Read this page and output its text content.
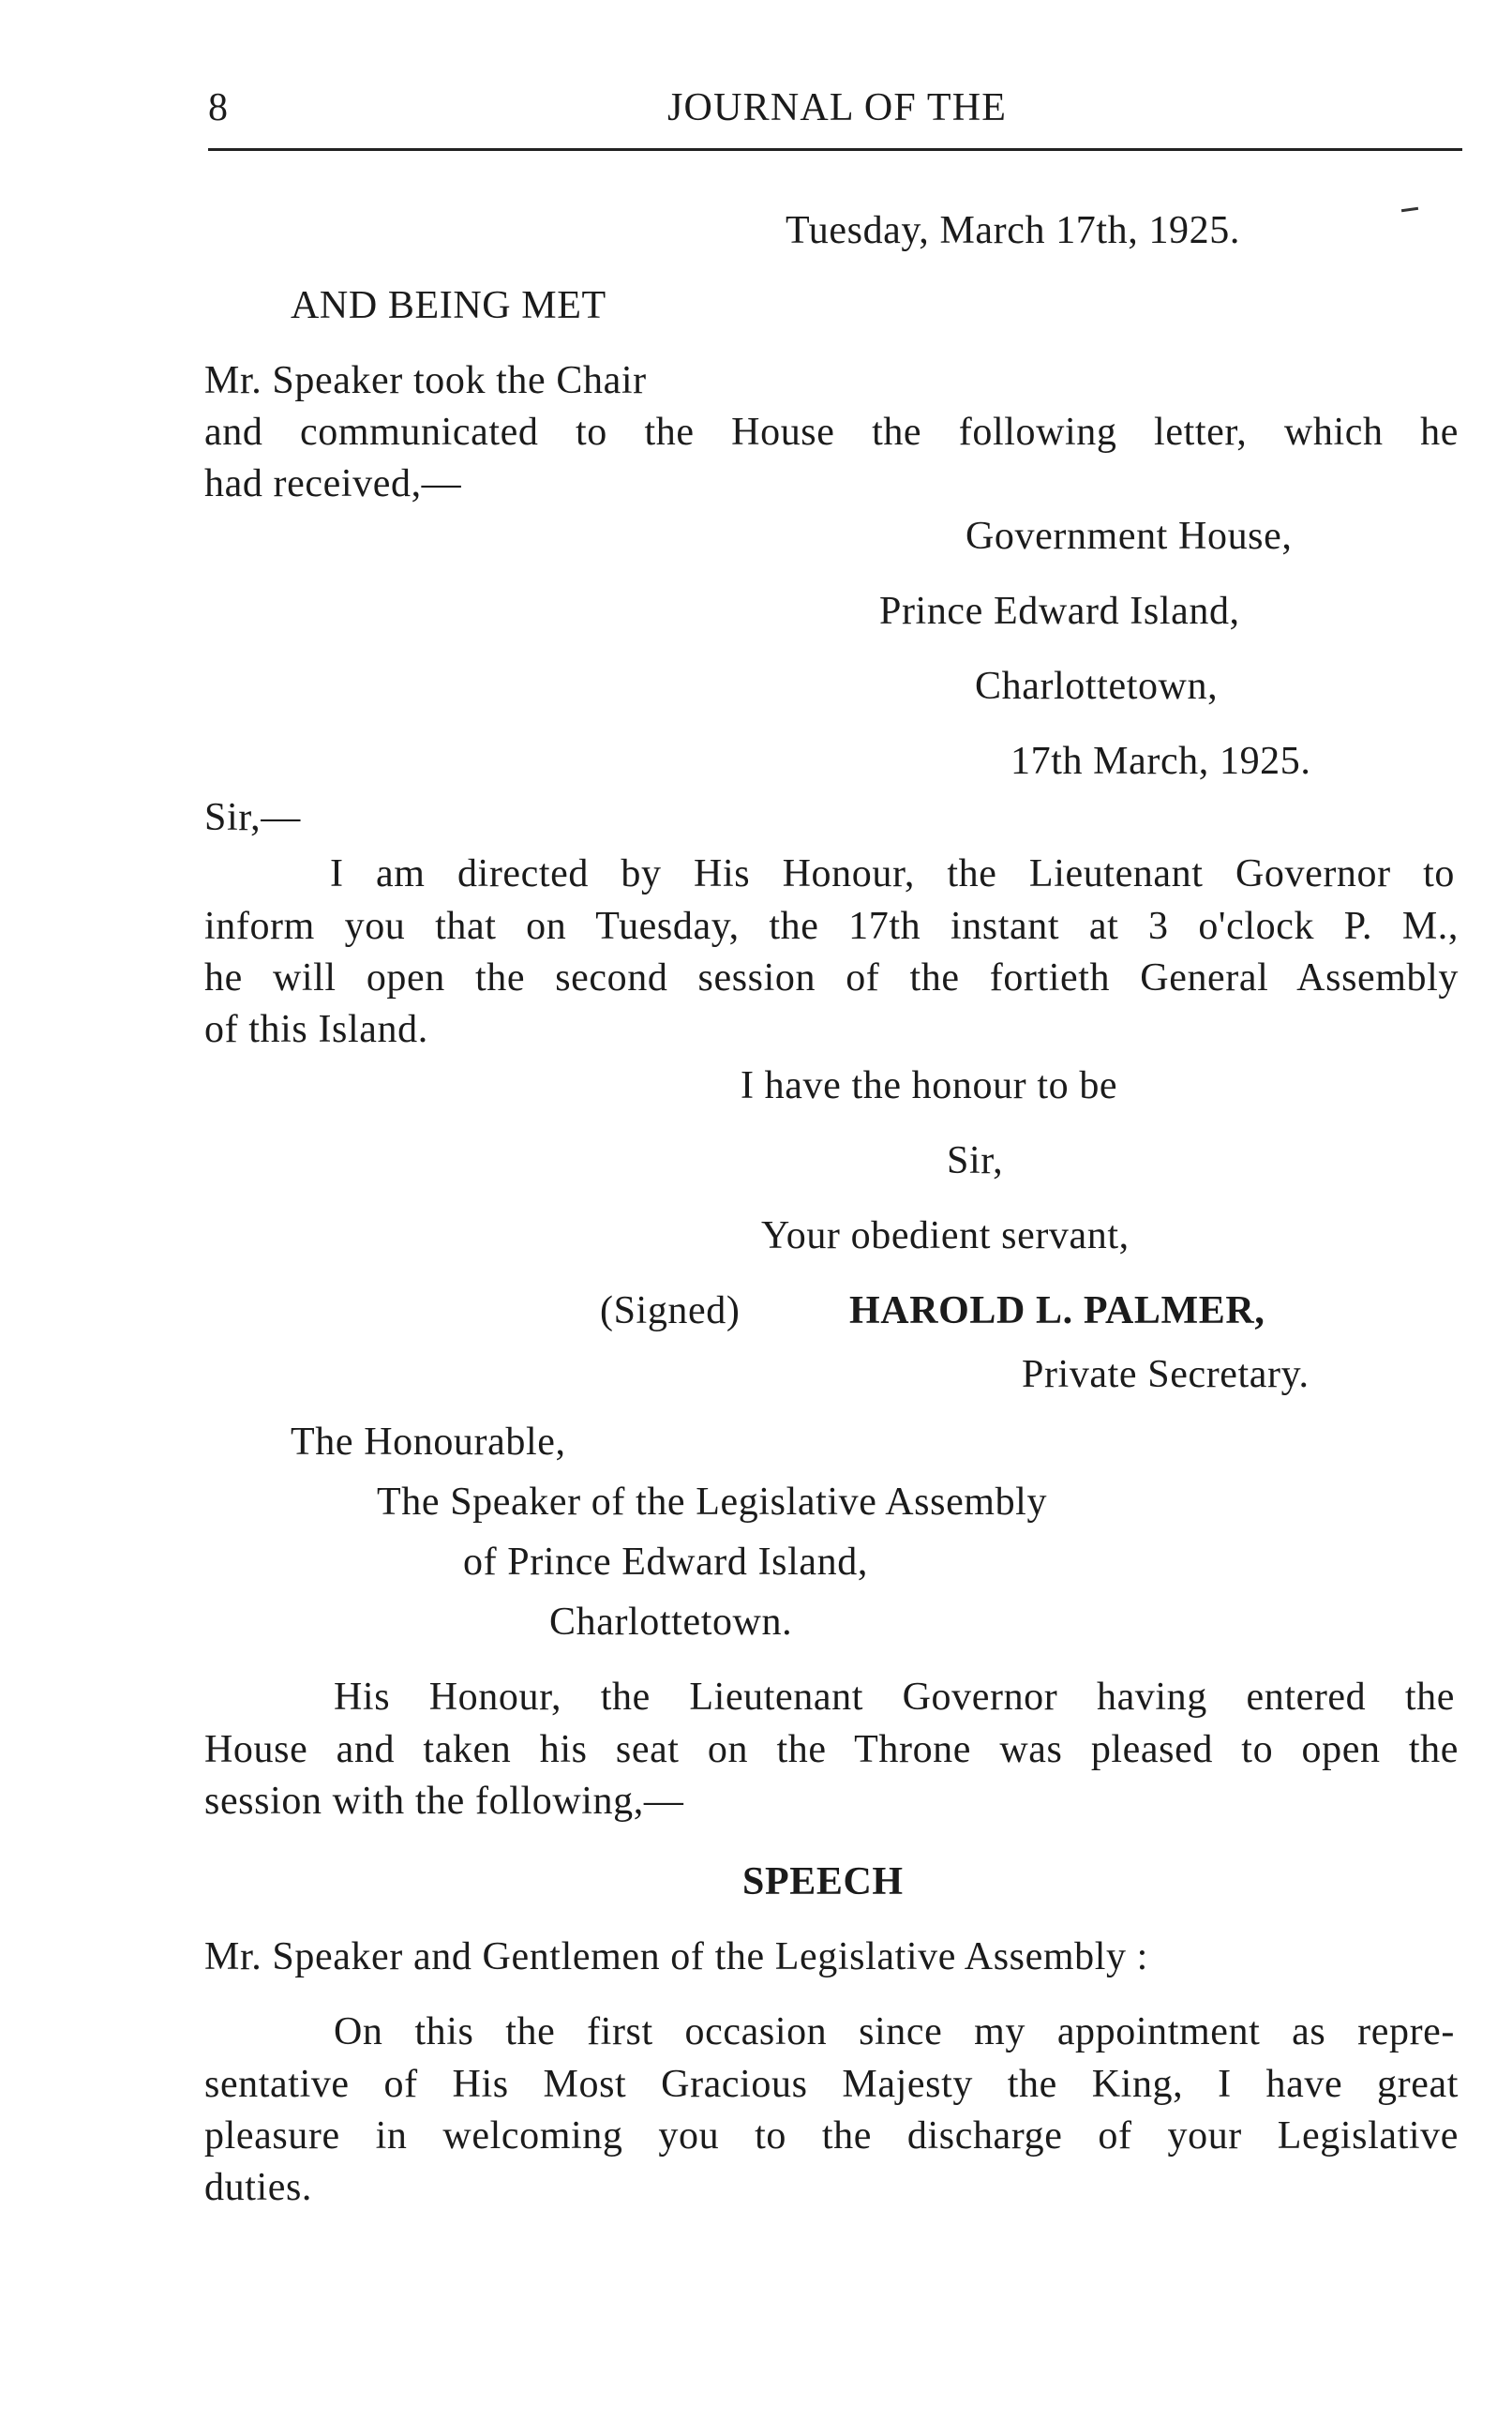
8	JOURNAL OF THE
Tuesday, March 17th, 1925.
AND BEING MET
Mr. Speaker took the Chair
and communicated to the House the following letter, which he
had received,—
Government House,
Prince Edward Island,
Charlottetown,
17th March, 1925.
Sir,—
I am directed by His Honour, the Lieutenant Governor to
inform you that on Tuesday, the 17th instant at 3 o'clock P. M.,
he will open the second session of the fortieth General Assembly
of this Island.
I have the honour to be
Sir,
Your obedient servant,
(Signed)	HAROLD L. PALMER,
Private Secretary.
The Honourable,
The Speaker of the Legislative Assembly
of Prince Edward Island,
Charlottetown.
His Honour, the Lieutenant Governor having entered the
House and taken his seat on the Throne was pleased to open the
session with the following,—
SPEECH
Mr. Speaker and Gentlemen of the Legislative Assembly :
On this the first occasion since my appointment as repre-
sentative of His Most Gracious Majesty the King, I have great
pleasure in welcoming you to the discharge of your Legislative
duties.
